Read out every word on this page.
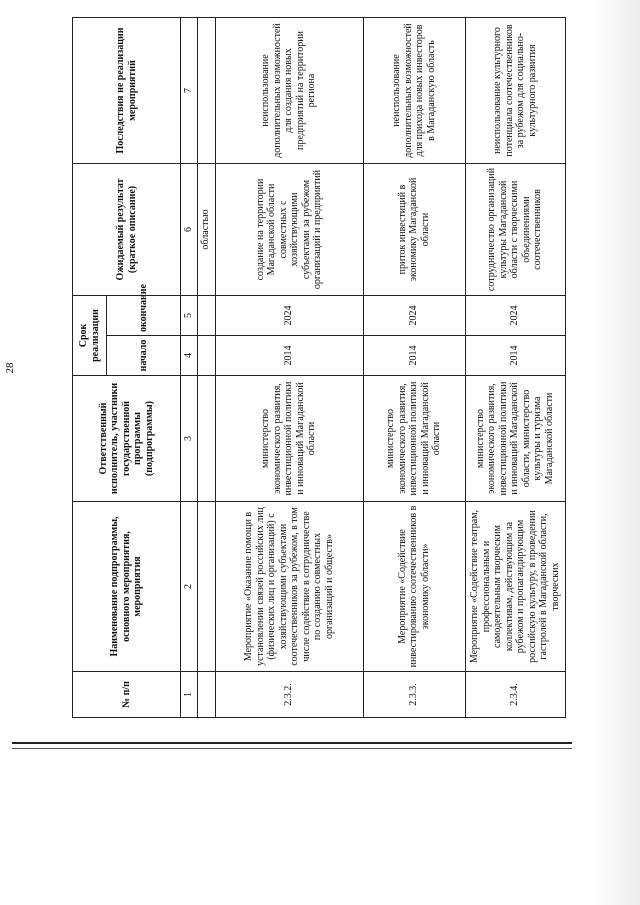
28
№ п/п	Наименование подпрограммы, основного мероприятия, мероприятия	Ответственный исполнитель, участники государственной программы (подпрограммы)	Срок реализации		Ожидаемый результат (краткое описание)	Последствия не реализации мероприятий
			начало	окончание		
1	2	3	4	5	6	7
					областью	
2.3.2.	Мероприятие «Оказание помощи в установлении связей российских лиц (физических лиц и организаций) с хозяйствующими субъектами соотечественников за рубежом, в том числе содействие в сотрудничестве по созданию совместных организаций и обществ»	министерство экономического развития, инвестиционной политики и инноваций Магаданской области	2014	2024	создание на территории Магаданской области совместных с хозяйствующими субъектами за рубежом организаций и предприятий	неиспользование дополнительных возможностей для создания новых предприятий на территории региона
2.3.3.	Мероприятие «Содействие инвестированию соотечественников в экономику области»	министерство экономического развития, инвестиционной политики и инноваций Магаданской области	2014	2024	приток инвестиций в экономику Магаданской области	неиспользование дополнительных возможностей для прихода новых инвесторов в Магаданскую область
2.3.4.	Мероприятие «Содействие театрам, профессиональным и самодеятельным творческим коллективам, действующим за рубежом и пропагандирующим российскую культуру, в проведении гастролей в Магаданской области, творческих	министерство экономического развития, инвестиционной политики и инноваций Магаданской области, министерство культуры и туризма Магаданской области	2014	2024	сотрудничество организаций культуры Магаданской области с творческими объединениями соотечественников	неиспользование культурного потенциала соотечественников за рубежом для социально-культурного развития
